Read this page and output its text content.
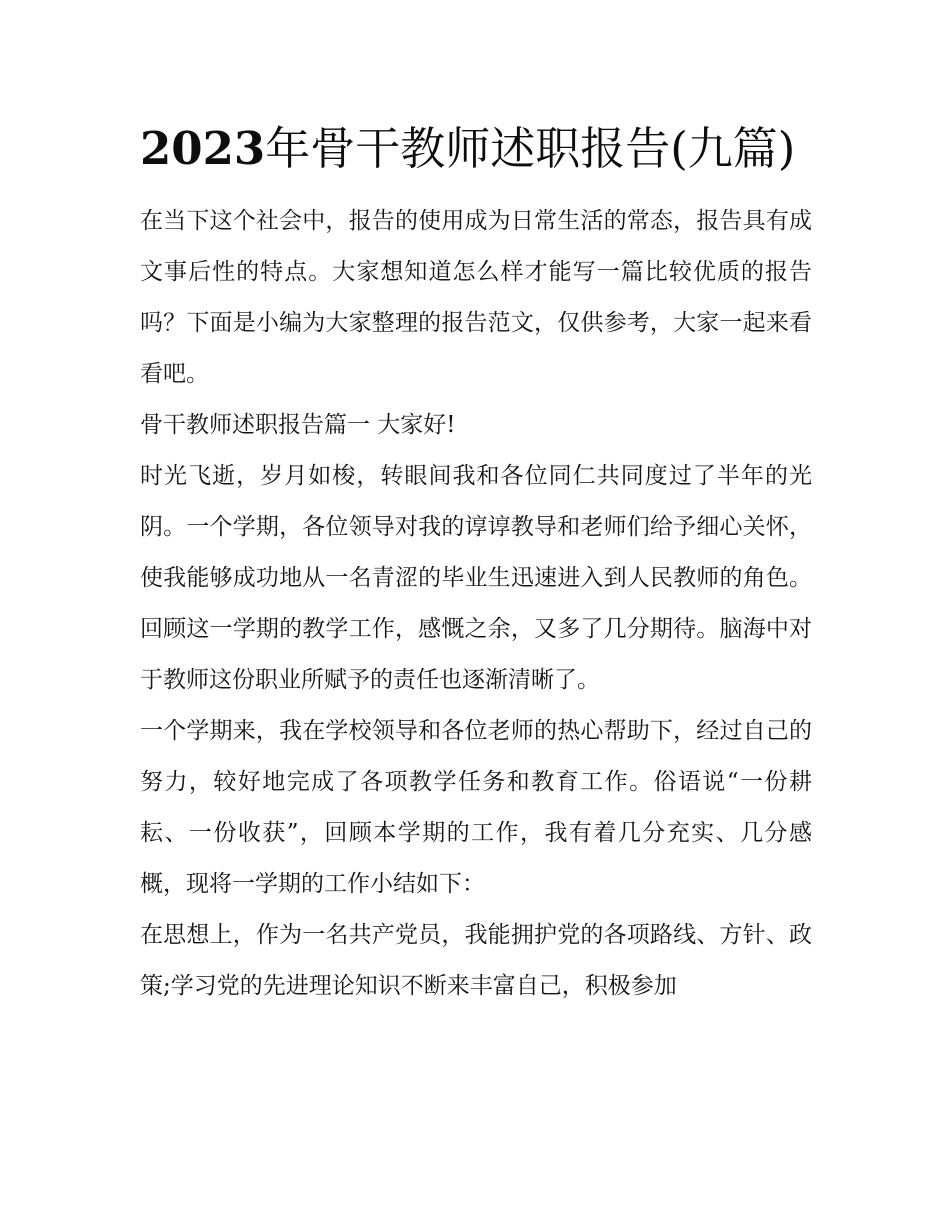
2023年骨干教师述职报告(九篇)

在当下这个社会中，报告的使用成为日常生活的常态，报告具有成文事后性的特点。大家想知道怎么样才能写一篇比较优质的报告吗？下面是小编为大家整理的报告范文，仅供参考，大家一起来看看吧。

骨干教师述职报告篇一 大家好!

时光飞逝，岁月如梭，转眼间我和各位同仁共同度过了半年的光阴。一个学期，各位领导对我的谆谆教导和老师们给予细心关怀，使我能够成功地从一名青涩的毕业生迅速进入到人民教师的角色。回顾这一学期的教学工作，感慨之余，又多了几分期待。脑海中对于教师这份职业所赋予的责任也逐渐清晰了。

一个学期来，我在学校领导和各位老师的热心帮助下，经过自己的努力，较好地完成了各项教学任务和教育工作。俗语说“一份耕耘、一份收获”，回顾本学期的工作，我有着几分充实、几分感概，现将一学期的工作小结如下：

在思想上，作为一名共产党员，我能拥护党的各项路线、方针、政策;学习党的先进理论知识不断来丰富自己，积极参加
